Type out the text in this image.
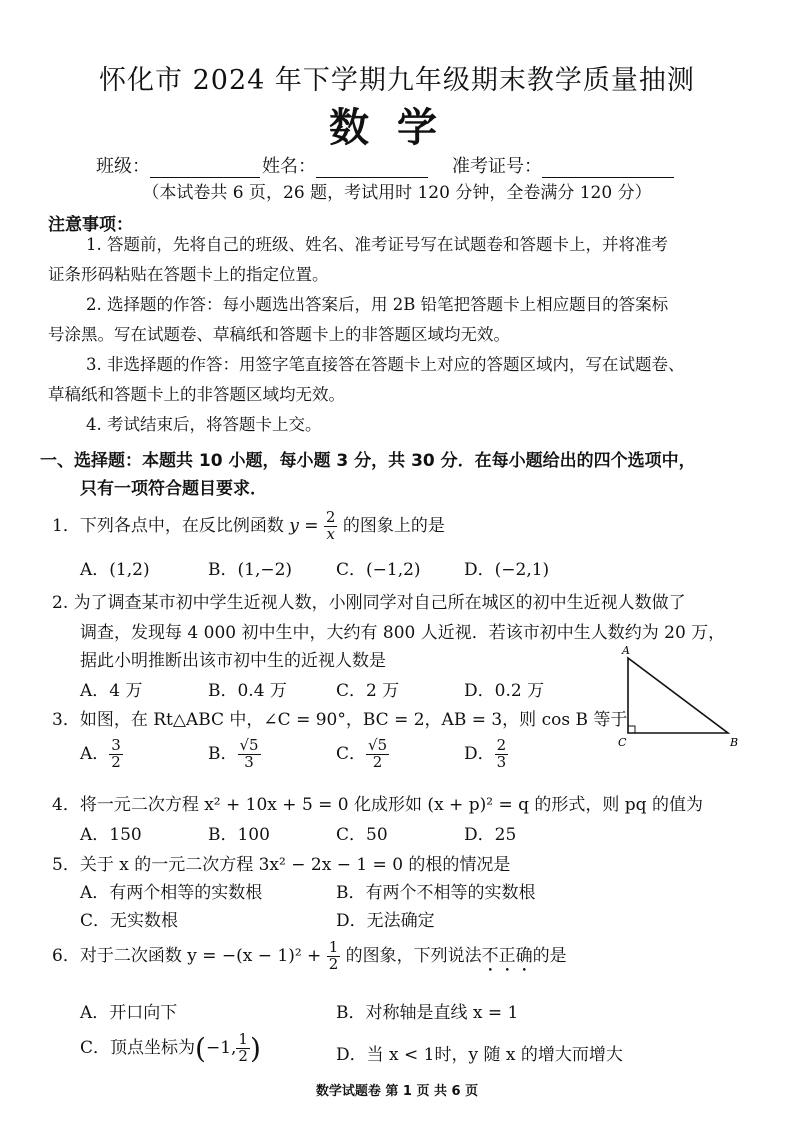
怀化市 2024 年下学期九年级期末教学质量抽测
数学
班级：	姓名：	准考证号：
（本试卷共 6 页，26 题，考试用时 120 分钟，全卷满分 120 分）
注意事项：
1. 答题前，先将自己的班级、姓名、准考证号写在试题卷和答题卡上，并将准考
证条形码粘贴在答题卡上的指定位置。
2. 选择题的作答：每小题选出答案后，用 2B 铅笔把答题卡上相应题目的答案标
号涂黑。写在试题卷、草稿纸和答题卡上的非答题区域均无效。
3. 非选择题的作答：用签字笔直接答在答题卡上对应的答题区域内，写在试题卷、
草稿纸和答题卡上的非答题区域均无效。
4. 考试结束后，将答题卡上交。
一、选择题：本题共 10 小题，每小题 3 分，共 30 分．在每小题给出的四个选项中，
只有一项符合题目要求．
1．下列各点中，在反比例函数 $y = \frac{2}{x}$ 的图象上的是
A．(1,2)	B．(1,−2)	C．(−1,2)	D．(−2,1)
2. 为了调查某市初中学生近视人数，小刚同学对自己所在城区的初中生近视人数做了
调查，发现每 4 000 初中生中，大约有 800 人近视．若该市初中生人数约为 20 万，
据此小明推断出该市初中生的近视人数是
A．4 万	B．0.4 万	C．2 万	D．0.2 万
A
C	B
3．如图，在 Rt△ABC 中，∠C = 90°，BC = 2，AB = 3，则 cos B 等于
A． $\frac{3}{2}$	B． $\frac{√5}{3}$	C． $\frac{√5}{2}$	D． $\frac{2}{3}$
4．将一元二次方程 x² + 10x + 5 = 0 化成形如 (x + p)² = q 的形式，则 pq 的值为
A．150	B．100	C．50	D．25
5．关于 x 的一元二次方程 3x² − 2x − 1 = 0 的根的情况是
A．有两个相等的实数根	B．有两个不相等的实数根
C．无实数根	D．无法确定
6．对于二次函数 $y = -(x - 1)^2 + \frac{1}{2}$ 的图象，下列说法不正确的是
A．开口向下	B．对称轴是直线 x = 1
C．顶点坐标为(−1, $\frac{1}{2}$ )	D．当 x < 1时，y 随 x 的增大而增大
数学试题卷 第 1 页 共 6 页
